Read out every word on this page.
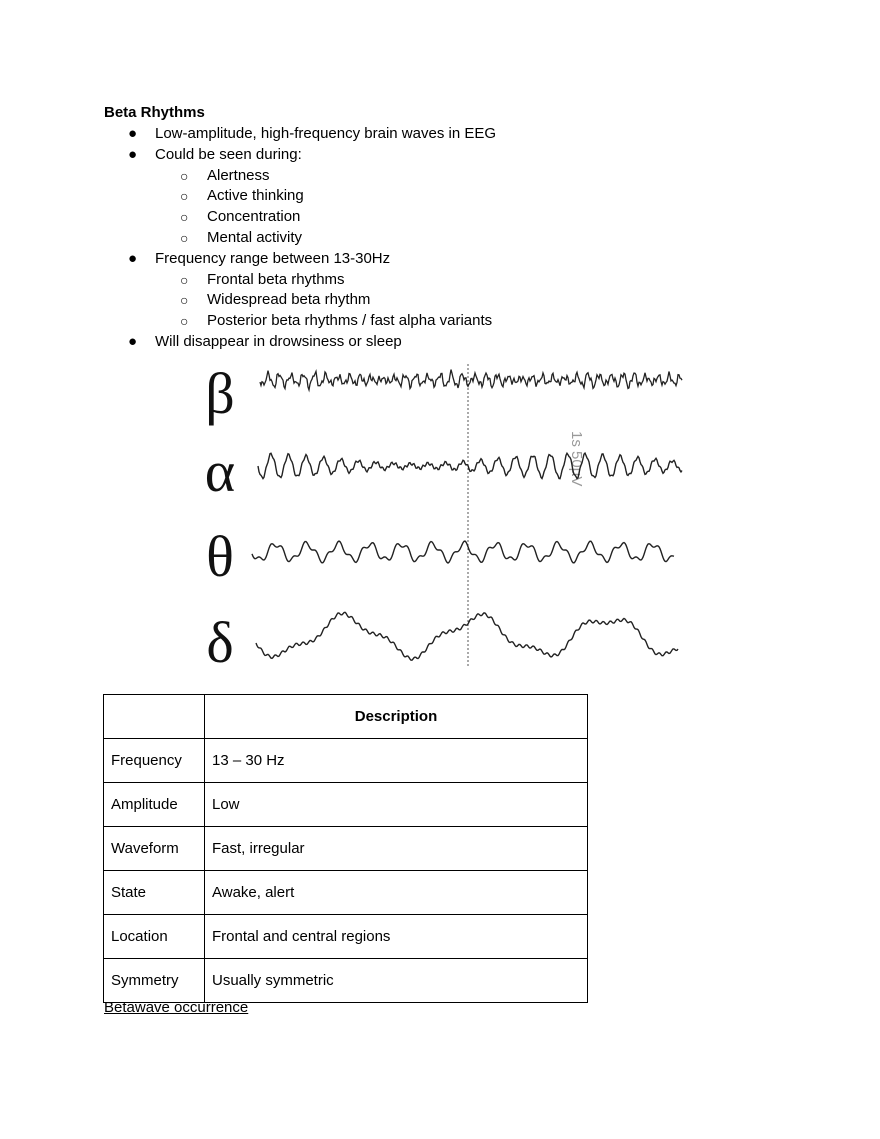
Beta Rhythms
● Low-amplitude, high-frequency brain waves in EEG
● Could be seen during:
○ Alertness
○ Active thinking
○ Concentration
○ Mental activity
● Frequency range between 13-30Hz
○ Frontal beta rhythms
○ Widespread beta rhythm
○ Posterior beta rhythms / fast alpha variants
● Will disappear in drowsiness or sleep
β
α
θ
δ
1s 50µV
	Description
Frequency	13 – 30 Hz
Amplitude	Low
Waveform	Fast, irregular
State	Awake, alert
Location	Frontal and central regions
Symmetry	Usually symmetric
Betawave occurrence
